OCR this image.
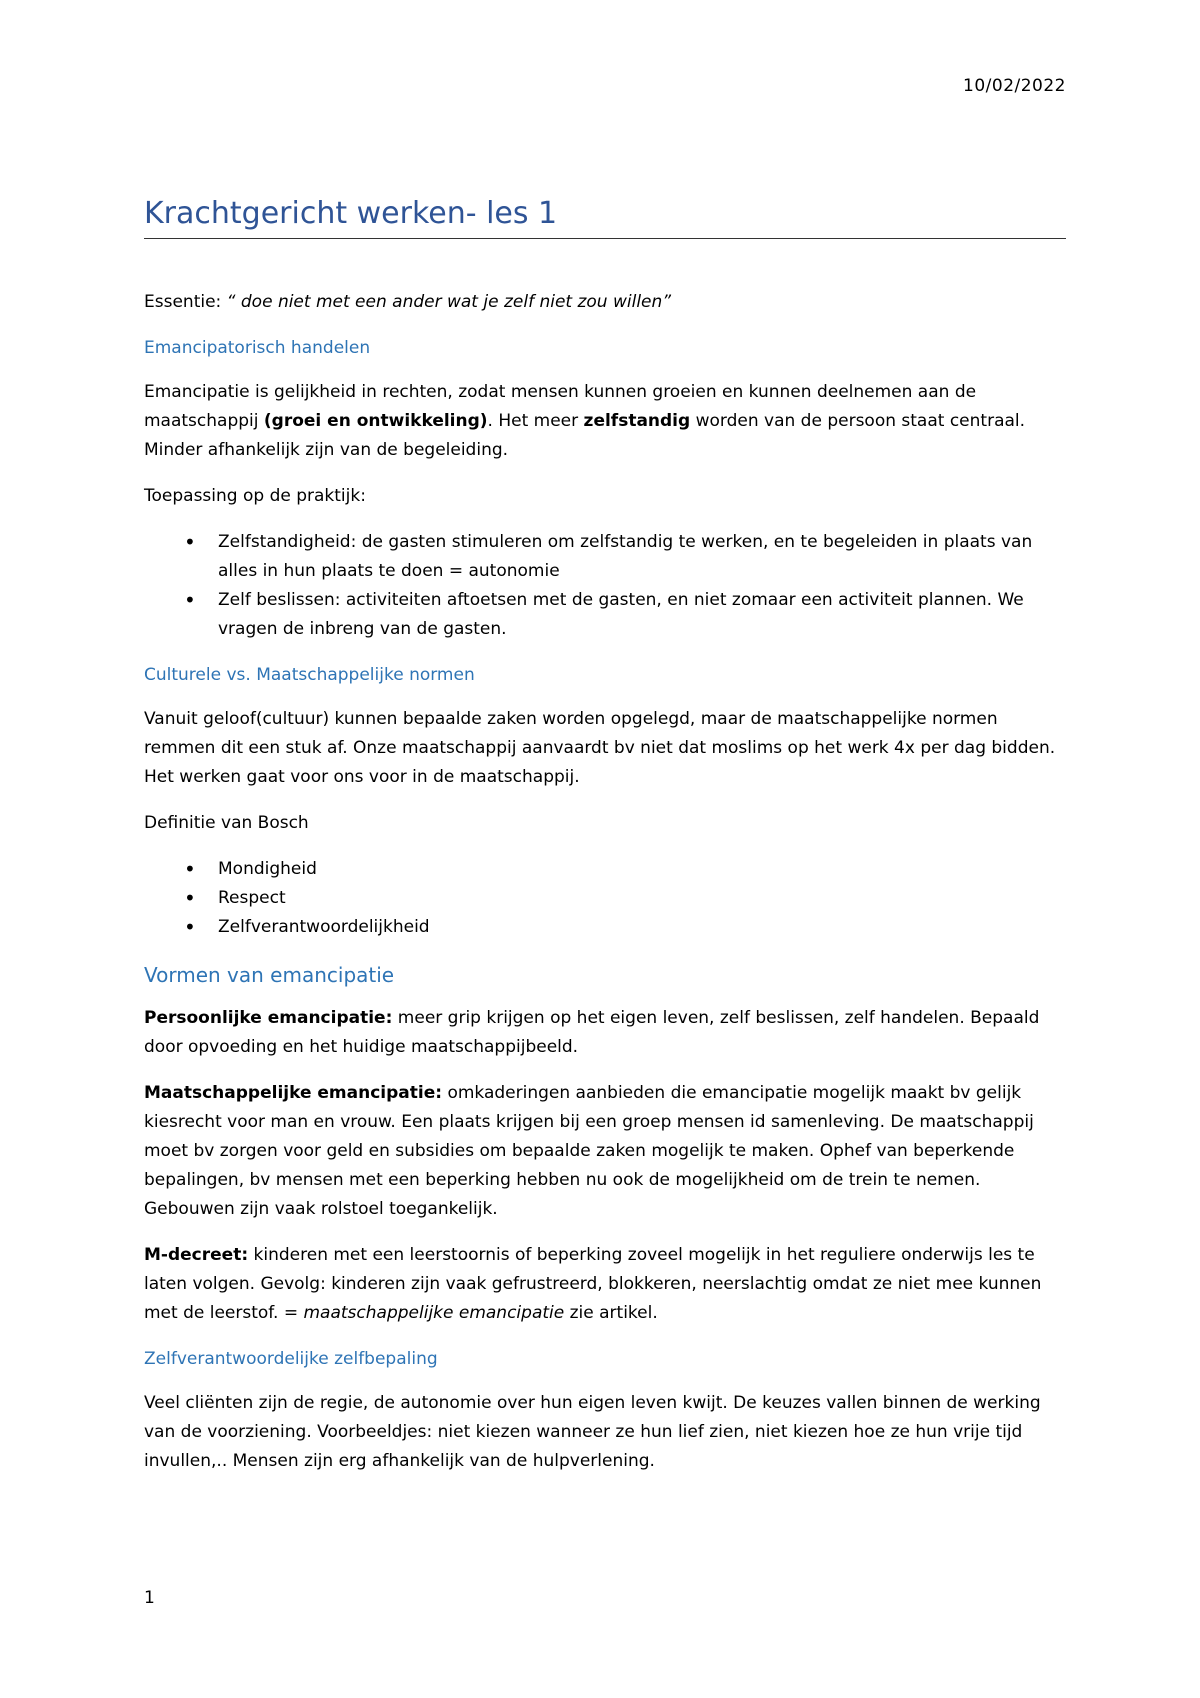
10/02/2022
Krachtgericht werken- les 1

Essentie: “ doe niet met een ander wat je zelf niet zou willen”

Emancipatorisch handelen

Emancipatie is gelijkheid in rechten, zodat mensen kunnen groeien en kunnen deelnemen aan de maatschappij (groei en ontwikkeling). Het meer zelfstandig worden van de persoon staat centraal. Minder afhankelijk zijn van de begeleiding.

Toepassing op de praktijk:

• Zelfstandigheid: de gasten stimuleren om zelfstandig te werken, en te begeleiden in plaats van alles in hun plaats te doen = autonomie
• Zelf beslissen: activiteiten aftoetsen met de gasten, en niet zomaar een activiteit plannen. We vragen de inbreng van de gasten.
Culturele vs. Maatschappelijke normen

Vanuit geloof(cultuur) kunnen bepaalde zaken worden opgelegd, maar de maatschappelijke normen remmen dit een stuk af. Onze maatschappij aanvaardt bv niet dat moslims op het werk 4x per dag bidden. Het werken gaat voor ons voor in de maatschappij.

Definitie van Bosch

• Mondigheid
• Respect
• Zelfverantwoordelijkheid
Vormen van emancipatie

Persoonlijke emancipatie: meer grip krijgen op het eigen leven, zelf beslissen, zelf handelen. Bepaald door opvoeding en het huidige maatschappijbeeld.

Maatschappelijke emancipatie: omkaderingen aanbieden die emancipatie mogelijk maakt bv gelijk kiesrecht voor man en vrouw. Een plaats krijgen bij een groep mensen id samenleving. De maatschappij moet bv zorgen voor geld en subsidies om bepaalde zaken mogelijk te maken. Ophef van beperkende bepalingen, bv mensen met een beperking hebben nu ook de mogelijkheid om de trein te nemen. Gebouwen zijn vaak rolstoel toegankelijk.

M-decreet: kinderen met een leerstoornis of beperking zoveel mogelijk in het reguliere onderwijs les te laten volgen. Gevolg: kinderen zijn vaak gefrustreerd, blokkeren, neerslachtig omdat ze niet mee kunnen met de leerstof. = maatschappelijke emancipatie zie artikel.

Zelfverantwoordelijke zelfbepaling

Veel cliënten zijn de regie, de autonomie over hun eigen leven kwijt. De keuzes vallen binnen de werking van de voorziening. Voorbeeldjes: niet kiezen wanneer ze hun lief zien, niet kiezen hoe ze hun vrije tijd invullen,.. Mensen zijn erg afhankelijk van de hulpverlening.

1
